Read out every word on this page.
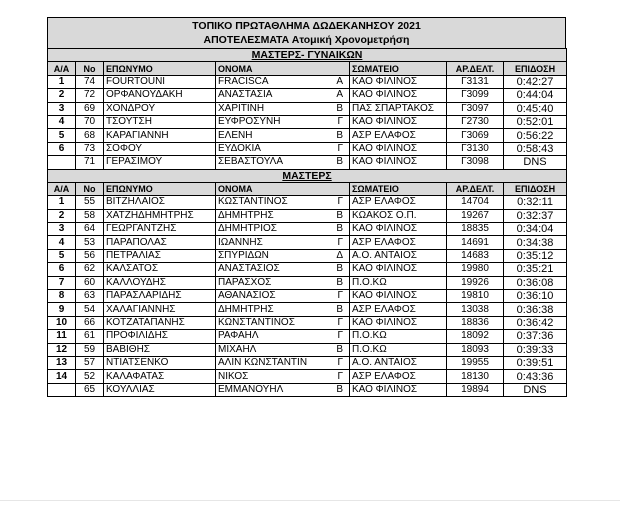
ΤΟΠΙΚΟ ΠΡΩΤΑΘΛΗΜΑ ΔΩΔΕΚΑΝΗΣΟΥ 2021
ΑΠΟΤΕΛΕΣΜΑΤΑ Ατομική Χρονομετρήση
ΜΑΣΤΕΡΣ- ΓΥΝΑΙΚΩΝ						
Α/Α	No	ΕΠΩΝΥΜΟ	ΟΝΟΜΑ	ΣΩΜΑΤΕΙΟ	ΑΡ.ΔΕΛΤ.	ΕΠΙΔΟΣΗ
1	74	FOURTOUNI	FRACISCA Α	ΚΑΟ ΦΙΛΙΝΟΣ	Γ3131	0:42:27
2	72	ΟΡΦΑΝΟΥΔΑΚΗ	ΑΝΑΣΤΑΣΙΑ Α	ΚΑΟ ΦΙΛΙΝΟΣ	Γ3099	0:44:04
3	69	ΧΟΝΔΡΟΥ	ΧΑΡΙΤΙΝΗ Β	ΠΑΣ ΣΠΑΡΤΑΚΟΣ	Γ3097	0:45:40
4	70	ΤΣΟΥΤΣΗ	ΕΥΦΡΟΣΥΝΗ Γ	ΚΑΟ ΦΙΛΙΝΟΣ	Γ2730	0:52:01
5	68	ΚΑΡΑΓΙΑΝΝΗ	ΕΛΕΝΗ Β	ΑΣΡ ΕΛΑΦΟΣ	Γ3069	0:56:22
6	73	ΣΟΦΟΥ	ΕΥΔΟΚΙΑ Γ	ΚΑΟ ΦΙΛΙΝΟΣ	Γ3130	0:58:43
	71	ΓΕΡΑΣΙΜΟΥ	ΣΕΒΑΣΤΟΥΛΑ Β	ΚΑΟ ΦΙΛΙΝΟΣ	Γ3098	DNS
ΜΑΣΤΕΡΣ						
Α/Α	No	ΕΠΩΝΥΜΟ	ΟΝΟΜΑ	ΣΩΜΑΤΕΙΟ	ΑΡ.ΔΕΛΤ.	ΕΠΙΔΟΣΗ
1	55	ΒΙΤΖΗΛΑΙΟΣ	ΚΩΣΤΑΝΤΙΝΟΣ Γ	ΑΣΡ ΕΛΑΦΟΣ	14704	0:32:11
2	58	ΧΑΤΖΗΔΗΜΗΤΡΗΣ	ΔΗΜΗΤΡΗΣ Β	ΚΩΑΚΟΣ Ο.Π.	19267	0:32:37
3	64	ΓΕΩΡΓΑΝΤΖΗΣ	ΔΗΜΗΤΡΙΟΣ Β	ΚΑΟ ΦΙΛΙΝΟΣ	18835	0:34:04
4	53	ΠΑΡΑΠΟΛΑΣ	ΙΩΑΝΝΗΣ Γ	ΑΣΡ ΕΛΑΦΟΣ	14691	0:34:38
5	56	ΠΕΤΡΑΛΙΑΣ	ΣΠΥΡΙΔΩΝ Δ	Α.Ο. ΑΝΤΑΙΟΣ	14683	0:35:12
6	62	ΚΑΛΣΑΤΟΣ	ΑΝΑΣΤΑΣΙΟΣ Β	ΚΑΟ ΦΙΛΙΝΟΣ	19980	0:35:21
7	60	ΚΑΛΛΟΥΔΗΣ	ΠΑΡΑΣΧΟΣ Β	Π.Ο.ΚΩ	19926	0:36:08
8	63	ΠΑΡΑΣΛΑΡΙΔΗΣ	ΑΘΑΝΑΣΙΟΣ Γ	ΚΑΟ ΦΙΛΙΝΟΣ	19810	0:36:10
9	54	ΧΑΛΑΓΙΑΝΝΗΣ	ΔΗΜΗΤΡΗΣ Β	ΑΣΡ ΕΛΑΦΟΣ	13038	0:36:38
10	66	ΚΟΤΖΑΤΑΠΑΝΗΣ	ΚΩΝΣΤΑΝΤΙΝΟΣ Γ	ΚΑΟ ΦΙΛΙΝΟΣ	18836	0:36:42
11	61	ΠΡΟΦΙΛΙΔΗΣ	ΡΑΦΑΗΛ Γ	Π.Ο.ΚΩ	18092	0:37:36
12	59	ΒΑΒΙΘΗΣ	ΜΙΧΑΗΛ Β	Π.Ο.ΚΩ	18093	0:39:33
13	57	ΝΤΙΑΤΣΕΝΚΟ	ΑΛΙΝ ΚΩΝΣΤΑΝΤΙΝ Γ	Α.Ο. ΑΝΤΑΙΟΣ	19955	0:39:51
14	52	ΚΑΛΑΦΑΤΑΣ	ΝΙΚΟΣ Γ	ΑΣΡ ΕΛΑΦΟΣ	18130	0:43:36
	65	ΚΟΥΛΛΙΑΣ	ΕΜΜΑΝΟΥΗΛ Β	ΚΑΟ ΦΙΛΙΝΟΣ	19894	DNS
